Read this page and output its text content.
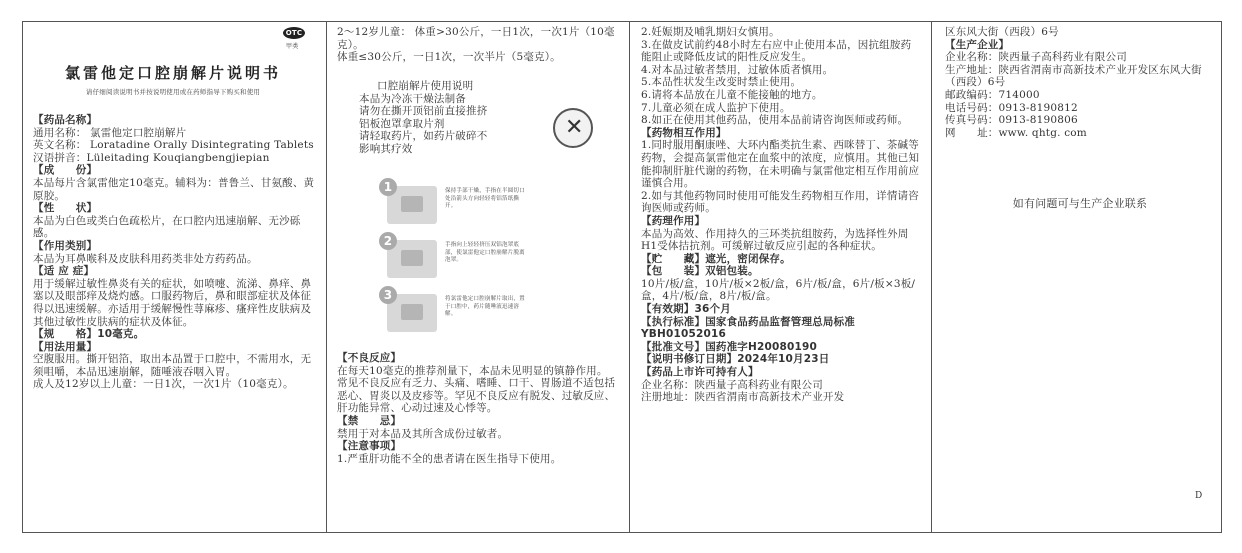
OTC
甲类
氯雷他定口腔崩解片说明书
请仔细阅读说明书并按说明使用或在药师指导下购买和使用

【药品名称】

通用名称： 氯雷他定口腔崩解片

英文名称： Loratadine Orally Disintegrating Tablets

汉语拼音：Lüleitading Kouqiangbengjiepian

【成　　份】

本品每片含氯雷他定10毫克。辅料为：普鲁兰、甘氨酸、黄原胶。

【性　　状】

本品为白色或类白色疏松片，在口腔内迅速崩解、无沙砾感。

【作用类别】

本品为耳鼻喉科及皮肤科用药类非处方药药品。

【适 应 症】

用于缓解过敏性鼻炎有关的症状，如喷嚏、流涕、鼻痒、鼻塞以及眼部痒及烧灼感。口服药物后，鼻和眼部症状及体征得以迅速缓解。亦适用于缓解慢性荨麻疹、瘙痒性皮肤病及其他过敏性皮肤病的症状及体征。

【规　　格】10毫克。

【用法用量】

空腹服用。撕开铝箔，取出本品置于口腔中，不需用水，无须咀嚼，本品迅速崩解，随唾液吞咽入胃。

成人及12岁以上儿童：一日1次，一次1片（10毫克）。

2～12岁儿童： 体重>30公斤，一日1次，一次1片（10毫克）。

体重≤30公斤，一日1次，一次半片（5毫克）。

口腔崩解片使用说明

本品为冷冻干燥法制备

请勿在撕开顶铝前直接推挤

铝板泡罩拿取片剂

请轻取药片，如药片破碎不

影响其疗效

✕
1	保持手部干燥，手指在半圆切口处沿箭头方向轻轻将铝箔纸撕开。
2	手指向上轻轻挤压双铝泡罩底部，使氯雷他定口腔崩解片脱离泡罩。
3	将氯雷他定口腔崩解片取出，置于口腔中，药片随唾液迅速溶解。

【不良反应】

在每天10毫克的推荐剂量下，本品未见明显的镇静作用。

常见不良反应有乏力、头痛、嗜睡、口干、胃肠道不适包括恶心、胃炎以及皮疹等。罕见不良反应有脱发、过敏反应、肝功能异常、心动过速及心悸等。

【禁　　忌】

禁用于对本品及其所含成份过敏者。

【注意事项】

1.严重肝功能不全的患者请在医生指导下使用。

2.妊娠期及哺乳期妇女慎用。

3.在做皮试前约48小时左右应中止使用本品，因抗组胺药能阻止或降低皮试的阳性反应发生。

4.对本品过敏者禁用，过敏体质者慎用。

5.本品性状发生改变时禁止使用。

6.请将本品放在儿童不能接触的地方。

7.儿童必须在成人监护下使用。

8.如正在使用其他药品，使用本品前请咨询医师或药师。

【药物相互作用】

1.同时服用酮康唑、大环内酯类抗生素、西咪替丁、茶碱等药物，会提高氯雷他定在血浆中的浓度，应慎用。其他已知能抑制肝脏代谢的药物，在未明确与氯雷他定相互作用前应谨慎合用。

2.如与其他药物同时使用可能发生药物相互作用，详情请咨询医师或药师。

【药理作用】

本品为高效、作用持久的三环类抗组胺药，为选择性外周H1受体拮抗剂。可缓解过敏反应引起的各种症状。

【贮　　藏】遮光，密闭保存。

【包　　装】双铝包装。

10片/板/盒，10片/板×2板/盒，6片/板/盒，6片/板×3板/盒，4片/板/盒，8片/板/盒。

【有效期】36个月

【执行标准】国家食品药品监督管理总局标准YBH01052016

【批准文号】国药准字H20080190

【说明书修订日期】2024年10月23日

【药品上市许可持有人】

企业名称：陕西量子高科药业有限公司

注册地址：陕西省渭南市高新技术产业开发

区东风大街（西段）6号

【生产企业】

企业名称：陕西量子高科药业有限公司

生产地址：陕西省渭南市高新技术产业开发区东风大街（西段）6号

邮政编码：714000

电话号码：0913-8190812

传真号码：0913-8190806

网　　址：www. qhtg. com

如有问题可与生产企业联系
D
